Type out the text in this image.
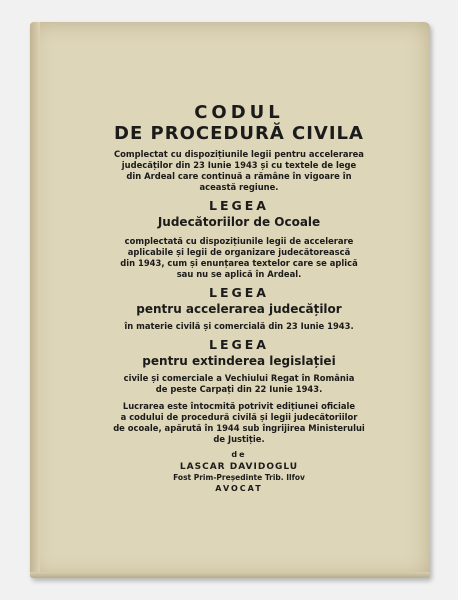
CODUL
DE PROCEDURĂ CIVILA
Complectat cu dispozițiunile legii pentru accelerarea
judecăților din 23 Iunie 1943 și cu textele de lege
din Ardeal care continuă a rămâne în vigoare în
această regiune.
LEGEA
Judecătoriilor de Ocoale
complectată cu dispozițiunile legii de accelerare
aplicabile și legii de organizare judecătorească
din 1943, cum și enunțarea textelor care se aplică
sau nu se aplică în Ardeal.
LEGEA
pentru accelerarea judecăților
în materie civilă și comercială din 23 Iunie 1943.
LEGEA
pentru extinderea legislației
civile și comerciale a Vechiului Regat în România
de peste Carpați din 22 Iunie 1943.
Lucrarea este întocmită potrivit edițiunei oficiale
a codului de procedură civilă și legii judecătoriilor
de ocoale, apărută în 1944 sub îngrijirea Ministerului
de Justiție.
de
LASCAR DAVIDOGLU
Fost Prim-Președinte Trib. Ilfov
AVOCAT
